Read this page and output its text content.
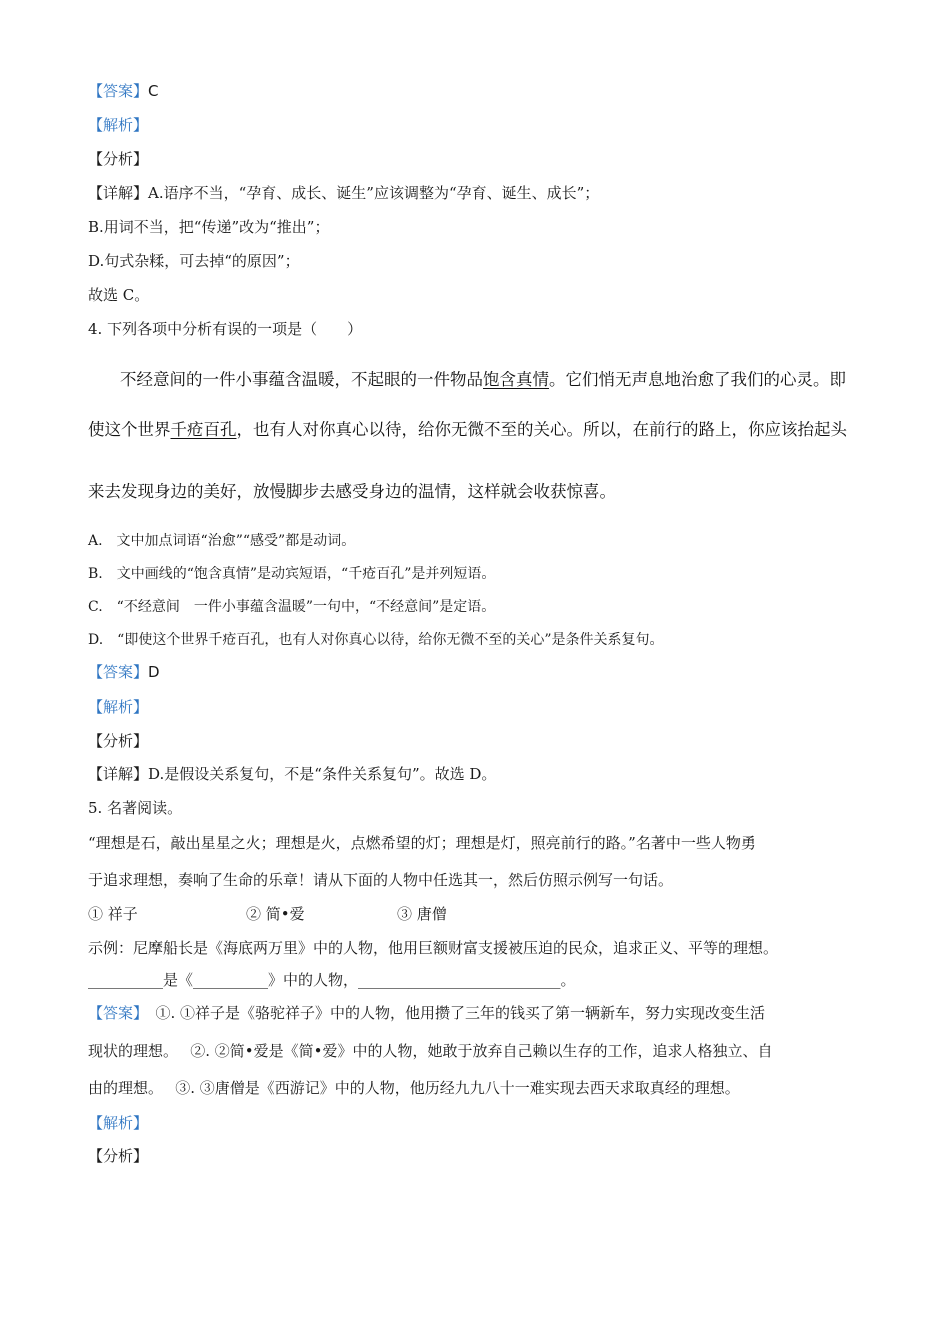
【答案】C
【解析】
【分析】
【详解】A.语序不当，“孕育、成长、诞生”应该调整为“孕育、诞生、成长”；
B.用词不当，把“传递”改为“推出”；
D.句式杂糅，可去掉“的原因”；
故选 C。
4. 下列各项中分析有误的一项是（　　）
不经意间的一件小事蕴含温暖，不起眼的一件物品饱含真情。它们悄无声息地治愈了我们的心灵。即
使这个世界千疮百孔，也有人对你真心以待，给你无微不至的关心。所以，在前行的路上，你应该抬起头
来去发现身边的美好，放慢脚步去感受身边的温情，这样就会收获惊喜。
A.　文中加点词语“治愈”“感受”都是动词。
B.　文中画线的“饱含真情”是动宾短语，“千疮百孔”是并列短语。
C.　“不经意间　一件小事蕴含温暖”一句中，“不经意间”是定语。
D.　“即使这个世界千疮百孔，也有人对你真心以待，给你无微不至的关心”是条件关系复句。
【答案】D
【解析】
【分析】
【详解】D.是假设关系复句，不是“条件关系复句”。故选 D。
5. 名著阅读。
“理想是石，敲出星星之火；理想是火，点燃希望的灯；理想是灯，照亮前行的路。”名著中一些人物勇
于追求理想，奏响了生命的乐章！请从下面的人物中任选其一，然后仿照示例写一句话。
① 祥子	② 简•爱	③ 唐僧
示例：尼摩船长是《海底两万里》中的人物，他用巨额财富支援被压迫的民众，追求正义、平等的理想。
__________是《__________》中的人物，___________________________。
【答案】　①. ①祥子是《骆驼祥子》中的人物，他用攒了三年的钱买了第一辆新车，努力实现改变生活
现状的理想。　 ②. ②简•爱是《简•爱》中的人物，她敢于放弃自己赖以生存的工作，追求人格独立、自
由的理想。　 ③. ③唐僧是《西游记》中的人物，他历经九九八十一难实现去西天求取真经的理想。
【解析】
【分析】
